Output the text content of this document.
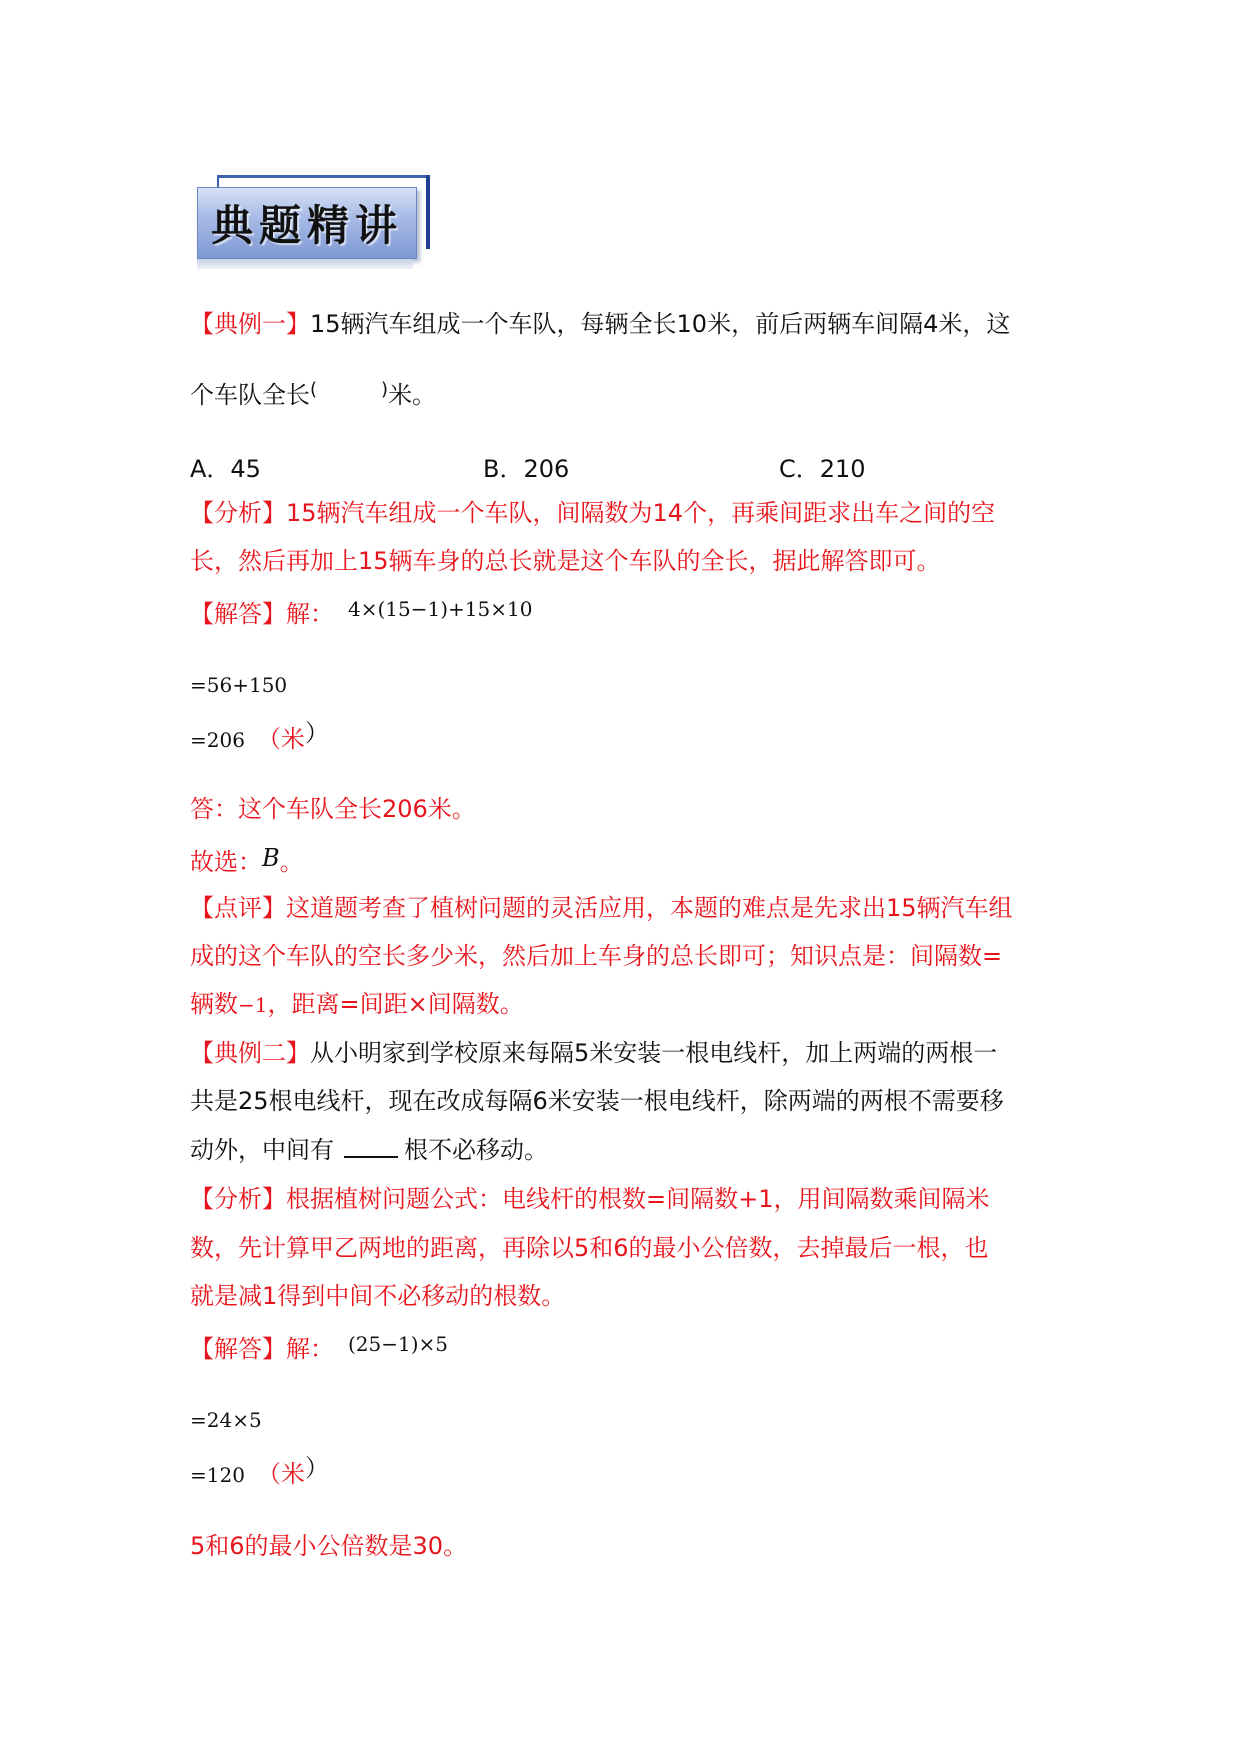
典题精讲

【典例一】15辆汽车组成一个车队，每辆全长10米，前后两辆车间隔4米，这

个车队全长(	)米。

A．45	B．206	C．210

【分析】15辆汽车组成一个车队，间隔数为14个，再乘间距求出车之间的空

长，然后再加上15辆车身的总长就是这个车队的全长，据此解答即可。

【解答】解： $^{4\times(15-1)+15\times 10}$

=56+150

=206 （米）

答：这个车队全长206米。

故选：B。

【点评】这道题考查了植树问题的灵活应用，本题的难点是先求出15辆汽车组

成的这个车队的空长多少米，然后加上车身的总长即可；知识点是：间隔数=

辆数−1，距离=间距×间隔数。

【典例二】从小明家到学校原来每隔5米安装一根电线杆，加上两端的两根一

共是25根电线杆，现在改成每隔6米安装一根电线杆，除两端的两根不需要移

动外，中间有	根不必移动。

【分析】根据植树问题公式：电线杆的根数=间隔数+1，用间隔数乘间隔米

数，先计算甲乙两地的距离，再除以5和6的最小公倍数，去掉最后一根，也

就是减1得到中间不必移动的根数。

【解答】解： $^{(25-1)\times 5}$

=24×5

=120 （米）

5和6的最小公倍数是30。
